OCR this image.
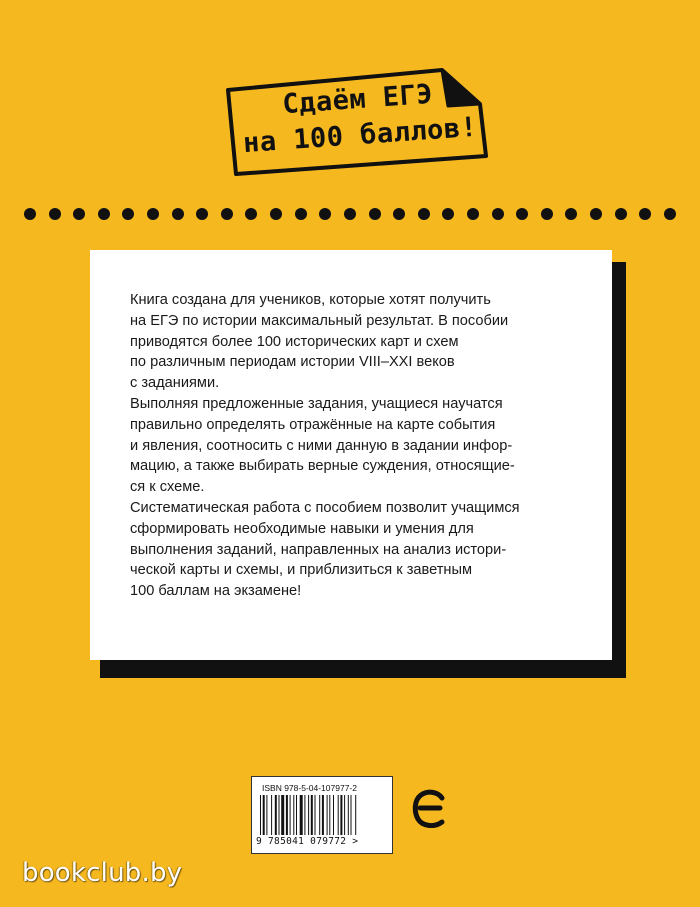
Сдаём ЕГЭ
на 100 баллов!
Книга создана для учеников, которые хотят получить
на ЕГЭ по истории максимальный результат. В пособии
приводятся более 100 исторических карт и схем
по различным периодам истории VIII–XXI веков
с заданиями.
Выполняя предложенные задания, учащиеся научатся
правильно определять отражённые на карте события
и явления, соотносить с ними данную в задании инфор-
мацию, а также выбирать верные суждения, относящие-
ся к схеме.
Систематическая работа с пособием позволит учащимся
сформировать необходимые навыки и умения для
выполнения заданий, направленных на анализ истори-
ческой карты и схемы, и приблизиться к заветным
100 баллам на экзамене!
ISBN 978-5-04-107977-2
9 785041 079772 >
bookclub.by
